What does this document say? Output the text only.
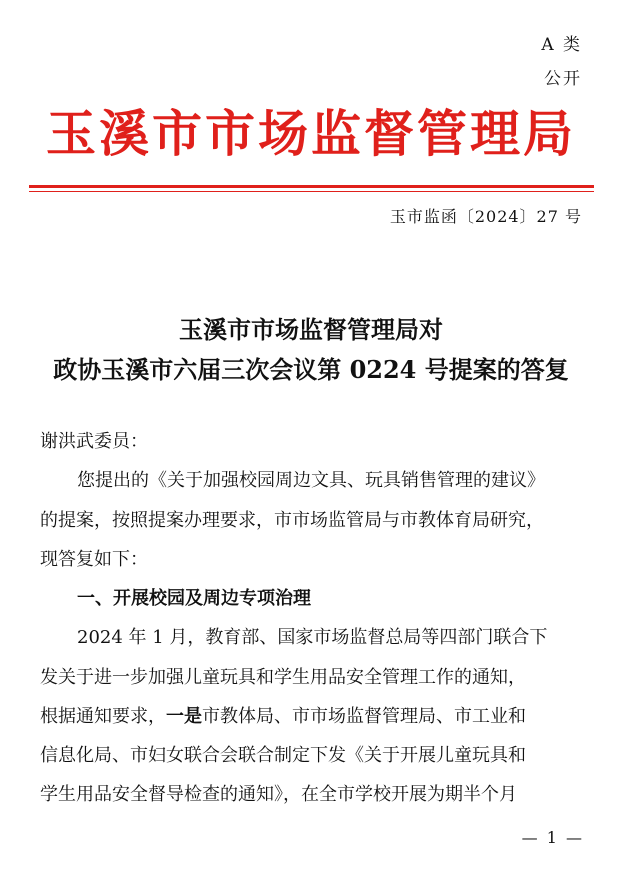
A 类
公开
玉溪市市场监督管理局
玉市监函〔2024〕27 号
玉溪市市场监督管理局对
政协玉溪市六届三次会议第 0224 号提案的答复
谢洪武委员：
您提出的《关于加强校园周边文具、玩具销售管理的建议》
的提案，按照提案办理要求，市市场监管局与市教体育局研究，
现答复如下：
一、开展校园及周边专项治理
2024 年 1 月，教育部、国家市场监督总局等四部门联合下
发关于进一步加强儿童玩具和学生用品安全管理工作的通知，
根据通知要求，一是市教体局、市市场监督管理局、市工业和
信息化局、市妇女联合会联合制定下发《关于开展儿童玩具和
学生用品安全督导检查的通知》，在全市学校开展为期半个月
— 1 —
